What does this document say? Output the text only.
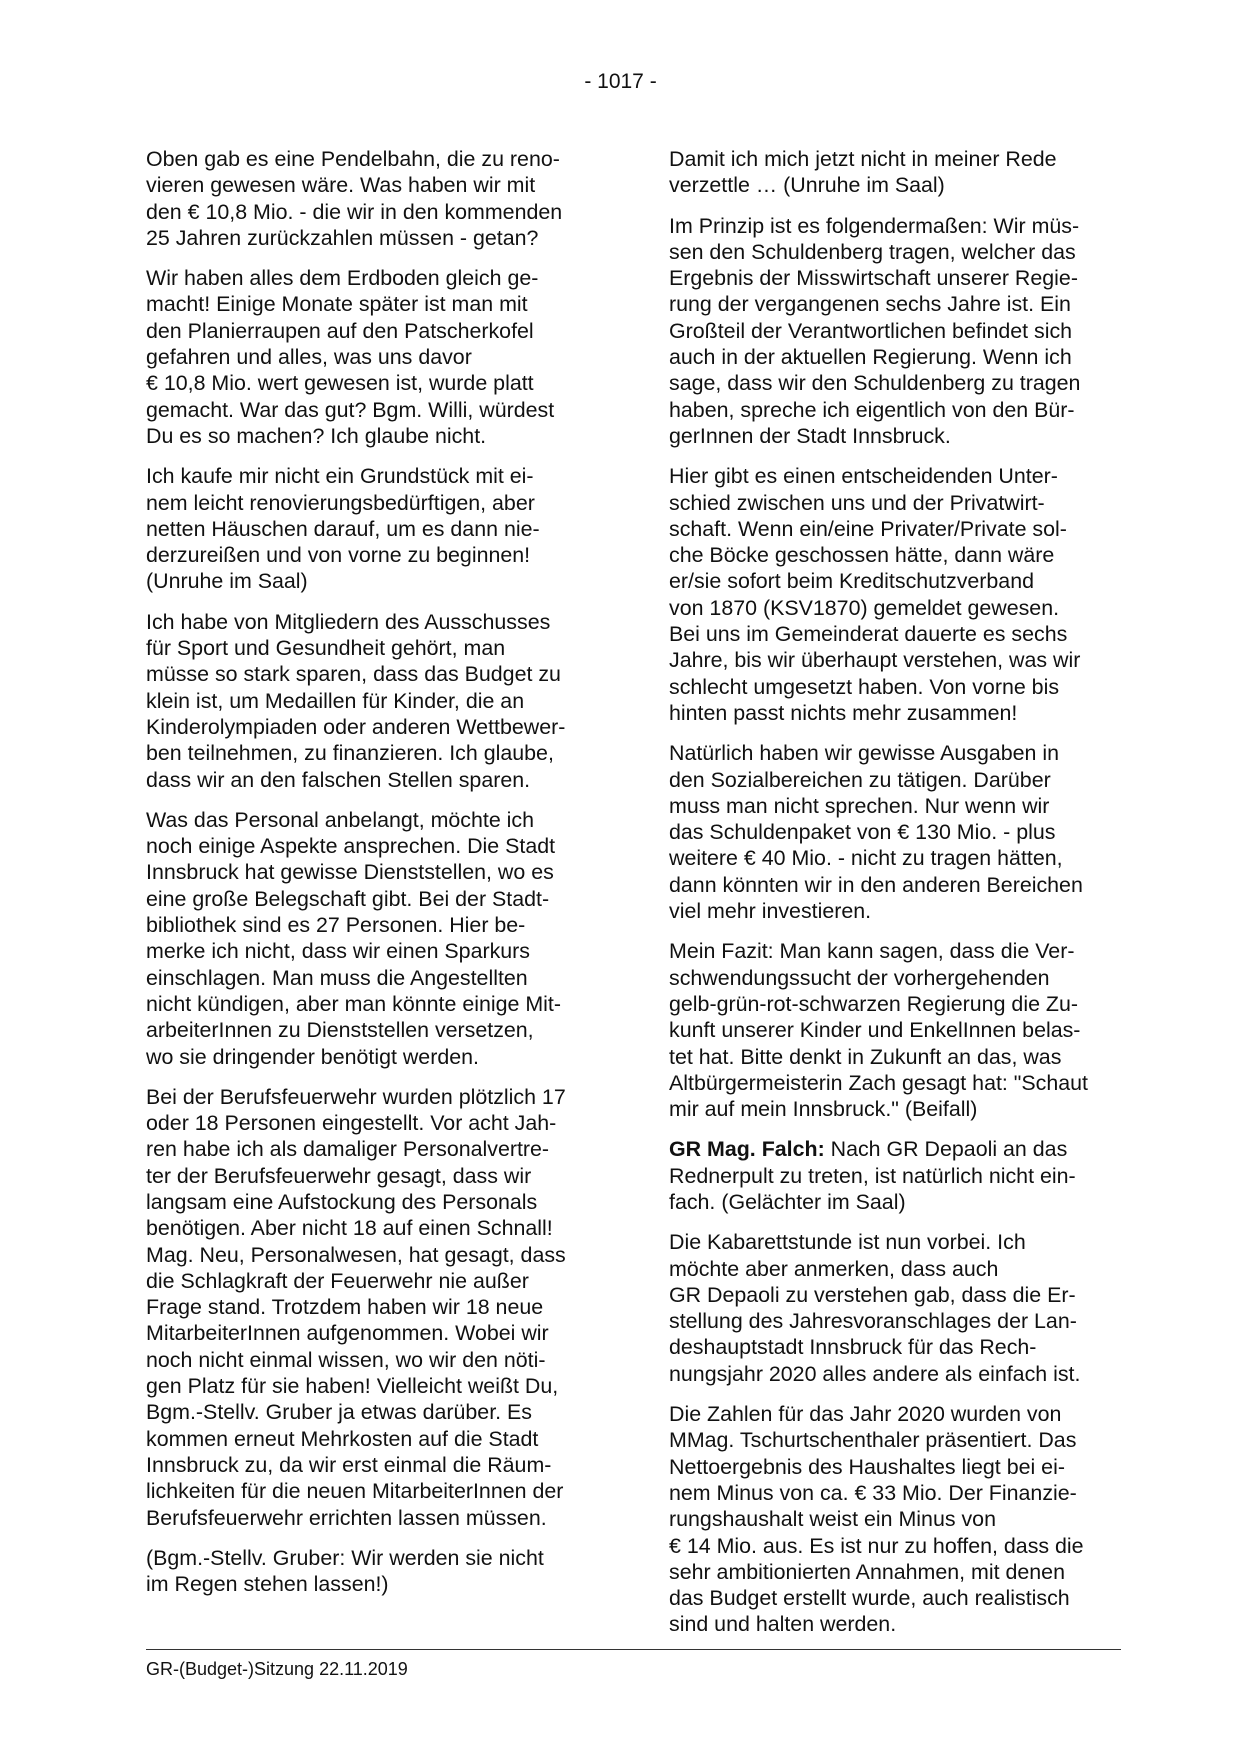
- 1017 -
Oben gab es eine Pendelbahn, die zu reno-
vieren gewesen wäre. Was haben wir mit
den € 10,8 Mio. - die wir in den kommenden
25 Jahren zurückzahlen müssen - getan?
Wir haben alles dem Erdboden gleich ge-
macht! Einige Monate später ist man mit
den Planierraupen auf den Patscherkofel
gefahren und alles, was uns davor
€ 10,8 Mio. wert gewesen ist, wurde platt
gemacht. War das gut? Bgm. Willi, würdest
Du es so machen? Ich glaube nicht.
Ich kaufe mir nicht ein Grundstück mit ei-
nem leicht renovierungsbedürftigen, aber
netten Häuschen darauf, um es dann nie-
derzureißen und von vorne zu beginnen!
(Unruhe im Saal)
Ich habe von Mitgliedern des Ausschusses
für Sport und Gesundheit gehört, man
müsse so stark sparen, dass das Budget zu
klein ist, um Medaillen für Kinder, die an
Kinderolympiaden oder anderen Wettbewer-
ben teilnehmen, zu finanzieren. Ich glaube,
dass wir an den falschen Stellen sparen.
Was das Personal anbelangt, möchte ich
noch einige Aspekte ansprechen. Die Stadt
Innsbruck hat gewisse Dienststellen, wo es
eine große Belegschaft gibt. Bei der Stadt-
bibliothek sind es 27 Personen. Hier be-
merke ich nicht, dass wir einen Sparkurs
einschlagen. Man muss die Angestellten
nicht kündigen, aber man könnte einige Mit-
arbeiterInnen zu Dienststellen versetzen,
wo sie dringender benötigt werden.
Bei der Berufsfeuerwehr wurden plötzlich 17
oder 18 Personen eingestellt. Vor acht Jah-
ren habe ich als damaliger Personalvertre-
ter der Berufsfeuerwehr gesagt, dass wir
langsam eine Aufstockung des Personals
benötigen. Aber nicht 18 auf einen Schnall!
Mag. Neu, Personalwesen, hat gesagt, dass
die Schlagkraft der Feuerwehr nie außer
Frage stand. Trotzdem haben wir 18 neue
MitarbeiterInnen aufgenommen. Wobei wir
noch nicht einmal wissen, wo wir den nöti-
gen Platz für sie haben! Vielleicht weißt Du,
Bgm.-Stellv. Gruber ja etwas darüber. Es
kommen erneut Mehrkosten auf die Stadt
Innsbruck zu, da wir erst einmal die Räum-
lichkeiten für die neuen MitarbeiterInnen der
Berufsfeuerwehr errichten lassen müssen.
(Bgm.-Stellv. Gruber: Wir werden sie nicht
im Regen stehen lassen!)
Damit ich mich jetzt nicht in meiner Rede
verzettle … (Unruhe im Saal)
Im Prinzip ist es folgendermaßen: Wir müs-
sen den Schuldenberg tragen, welcher das
Ergebnis der Misswirtschaft unserer Regie-
rung der vergangenen sechs Jahre ist. Ein
Großteil der Verantwortlichen befindet sich
auch in der aktuellen Regierung. Wenn ich
sage, dass wir den Schuldenberg zu tragen
haben, spreche ich eigentlich von den Bür-
gerInnen der Stadt Innsbruck.
Hier gibt es einen entscheidenden Unter-
schied zwischen uns und der Privatwirt-
schaft. Wenn ein/eine Privater/Private sol-
che Böcke geschossen hätte, dann wäre
er/sie sofort beim Kreditschutzverband
von 1870 (KSV1870) gemeldet gewesen.
Bei uns im Gemeinderat dauerte es sechs
Jahre, bis wir überhaupt verstehen, was wir
schlecht umgesetzt haben. Von vorne bis
hinten passt nichts mehr zusammen!
Natürlich haben wir gewisse Ausgaben in
den Sozialbereichen zu tätigen. Darüber
muss man nicht sprechen. Nur wenn wir
das Schuldenpaket von € 130 Mio. - plus
weitere € 40 Mio. - nicht zu tragen hätten,
dann könnten wir in den anderen Bereichen
viel mehr investieren.
Mein Fazit: Man kann sagen, dass die Ver-
schwendungssucht der vorhergehenden
gelb-grün-rot-schwarzen Regierung die Zu-
kunft unserer Kinder und EnkelInnen belas-
tet hat. Bitte denkt in Zukunft an das, was
Altbürgermeisterin Zach gesagt hat: "Schaut
mir auf mein Innsbruck." (Beifall)
GR Mag. Falch: Nach GR Depaoli an das
Rednerpult zu treten, ist natürlich nicht ein-
fach. (Gelächter im Saal)
Die Kabarettstunde ist nun vorbei. Ich
möchte aber anmerken, dass auch
GR Depaoli zu verstehen gab, dass die Er-
stellung des Jahresvoranschlages der Lan-
deshauptstadt Innsbruck für das Rech-
nungsjahr 2020 alles andere als einfach ist.
Die Zahlen für das Jahr 2020 wurden von
MMag. Tschurtschenthaler präsentiert. Das
Nettoergebnis des Haushaltes liegt bei ei-
nem Minus von ca. € 33 Mio. Der Finanzie-
rungshaushalt weist ein Minus von
€ 14 Mio. aus. Es ist nur zu hoffen, dass die
sehr ambitionierten Annahmen, mit denen
das Budget erstellt wurde, auch realistisch
sind und halten werden.
GR-(Budget-)Sitzung 22.11.2019
